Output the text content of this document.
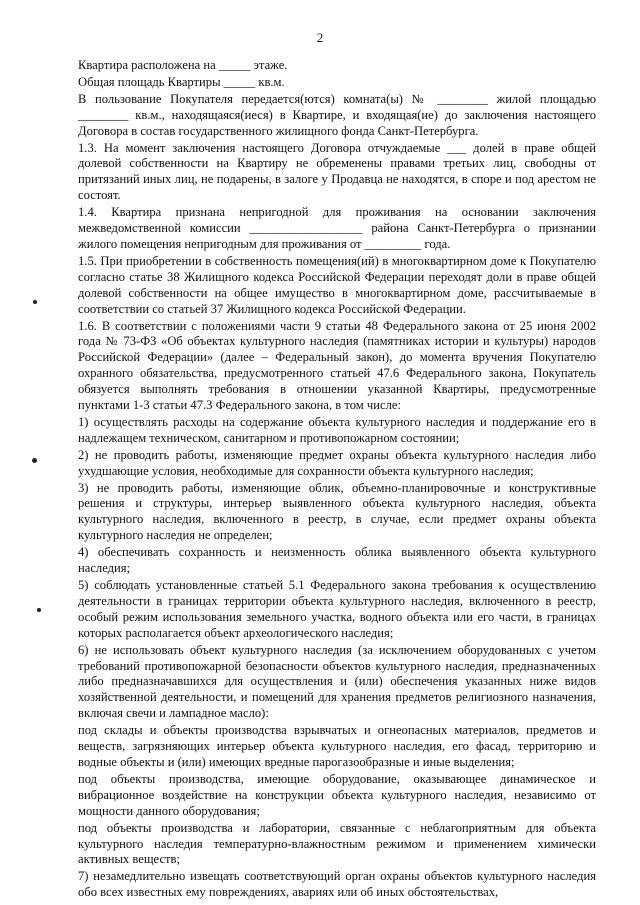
2

Квартира расположена на _____ этаже.

Общая площадь Квартиры _____ кв.м.

В пользование Покупателя передается(ются) комната(ы) № ________ жилой площадью ________ кв.м., находящаяся(иеся) в Квартире, и входящая(ие) до заключения настоящего Договора в состав государственного жилищного фонда Санкт-Петербурга.

1.3. На момент заключения настоящего Договора отчуждаемые ___ долей в праве общей долевой собственности на Квартиру не обременены правами третьих лиц, свободны от притязаний иных лиц, не подарены, в залоге у Продавца не находятся, в споре и под арестом не состоят.

1.4. Квартира признана непригодной для проживания на основании заключения межведомственной комиссии __________________ района Санкт-Петербурга о признании жилого помещения непригодным для проживания от _________ года.

1.5. При приобретении в собственность помещения(ий) в многоквартирном доме к Покупателю согласно статье 38 Жилищного кодекса Российской Федерации переходят доли в праве общей долевой собственности на общее имущество в многоквартирном доме, рассчитываемые в соответствии со статьей 37 Жилищного кодекса Российской Федерации.

1.6. В соответствии с положениями части 9 статьи 48 Федерального закона от 25 июня 2002 года № 73-ФЗ «Об объектах культурного наследия (памятниках истории и культуры) народов Российской Федерации» (далее – Федеральный закон), до момента вручения Покупателю охранного обязательства, предусмотренного статьей 47.6 Федерального закона, Покупатель обязуется выполнять требования в отношении указанной Квартиры, предусмотренные пунктами 1-3 статьи 47.3 Федерального закона, в том числе:

1) осуществлять расходы на содержание объекта культурного наследия и поддержание его в надлежащем техническом, санитарном и противопожарном состоянии;

2) не проводить работы, изменяющие предмет охраны объекта культурного наследия либо ухудшающие условия, необходимые для сохранности объекта культурного наследия;

3) не проводить работы, изменяющие облик, объемно-планировочные и конструктивные решения и структуры, интерьер выявленного объекта культурного наследия, объекта культурного наследия, включенного в реестр, в случае, если предмет охраны объекта культурного наследия не определен;

4) обеспечивать сохранность и неизменность облика выявленного объекта культурного наследия;

5) соблюдать установленные статьей 5.1 Федерального закона требования к осуществлению деятельности в границах территории объекта культурного наследия, включенного в реестр, особый режим использования земельного участка, водного объекта или его части, в границах которых располагается объект археологического наследия;

6) не использовать объект культурного наследия (за исключением оборудованных с учетом требований противопожарной безопасности объектов культурного наследия, предназначенных либо предназначавшихся для осуществления и (или) обеспечения указанных ниже видов хозяйственной деятельности, и помещений для хранения предметов религиозного назначения, включая свечи и лампадное масло):

под склады и объекты производства взрывчатых и огнеопасных материалов, предметов и веществ, загрязняющих интерьер объекта культурного наследия, его фасад, территорию и водные объекты и (или) имеющих вредные парогазообразные и иные выделения;

под объекты производства, имеющие оборудование, оказывающее динамическое и вибрационное воздействие на конструкции объекта культурного наследия, независимо от мощности данного оборудования;

под объекты производства и лаборатории, связанные с неблагоприятным для объекта культурного наследия температурно-влажностным режимом и применением химически активных веществ;

7) незамедлительно извещать соответствующий орган охраны объектов культурного наследия обо всех известных ему повреждениях, авариях или об иных обстоятельствах,
